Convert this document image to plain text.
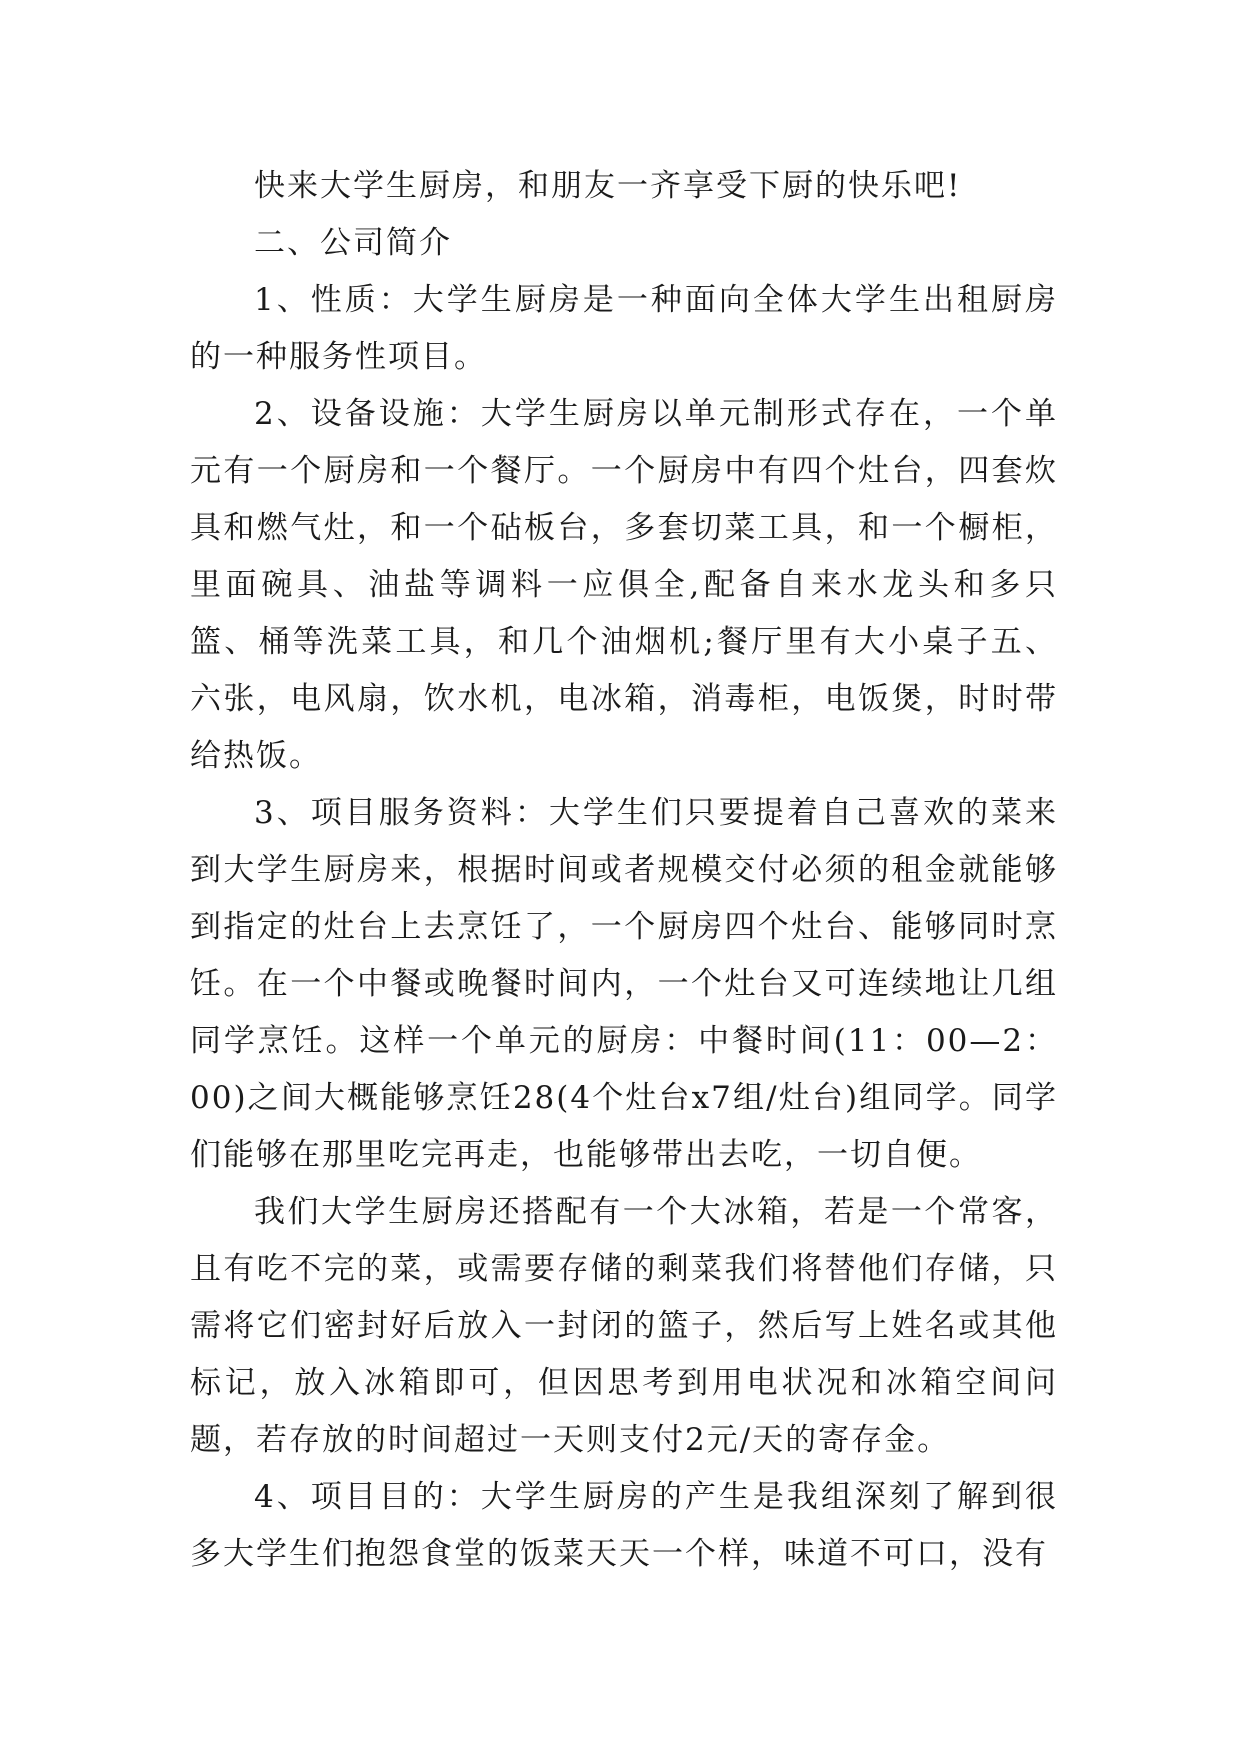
快来大学生厨房，和朋友一齐享受下厨的快乐吧!

二、公司简介

1、性质：大学生厨房是一种面向全体大学生出租厨房的一种服务性项目。

2、设备设施：大学生厨房以单元制形式存在，一个单元有一个厨房和一个餐厅。一个厨房中有四个灶台，四套炊具和燃气灶，和一个砧板台，多套切菜工具，和一个橱柜，里面碗具、油盐等调料一应俱全,配备自来水龙头和多只篮、桶等洗菜工具，和几个油烟机;餐厅里有大小桌子五、六张，电风扇，饮水机，电冰箱，消毒柜，电饭煲，时时带给热饭。

3、项目服务资料：大学生们只要提着自己喜欢的菜来到大学生厨房来，根据时间或者规模交付必须的租金就能够到指定的灶台上去烹饪了，一个厨房四个灶台、能够同时烹饪。在一个中餐或晚餐时间内，一个灶台又可连续地让几组同学烹饪。这样一个单元的厨房：中餐时间(11：00—2：00)之间大概能够烹饪28(4个灶台x7组/灶台)组同学。同学们能够在那里吃完再走，也能够带出去吃，一切自便。

我们大学生厨房还搭配有一个大冰箱，若是一个常客，且有吃不完的菜，或需要存储的剩菜我们将替他们存储，只需将它们密封好后放入一封闭的篮子，然后写上姓名或其他标记，放入冰箱即可，但因思考到用电状况和冰箱空间问题，若存放的时间超过一天则支付2元/天的寄存金。

4、项目目的：大学生厨房的产生是我组深刻了解到很多大学生们抱怨食堂的饭菜天天一个样，味道不可口，没有
